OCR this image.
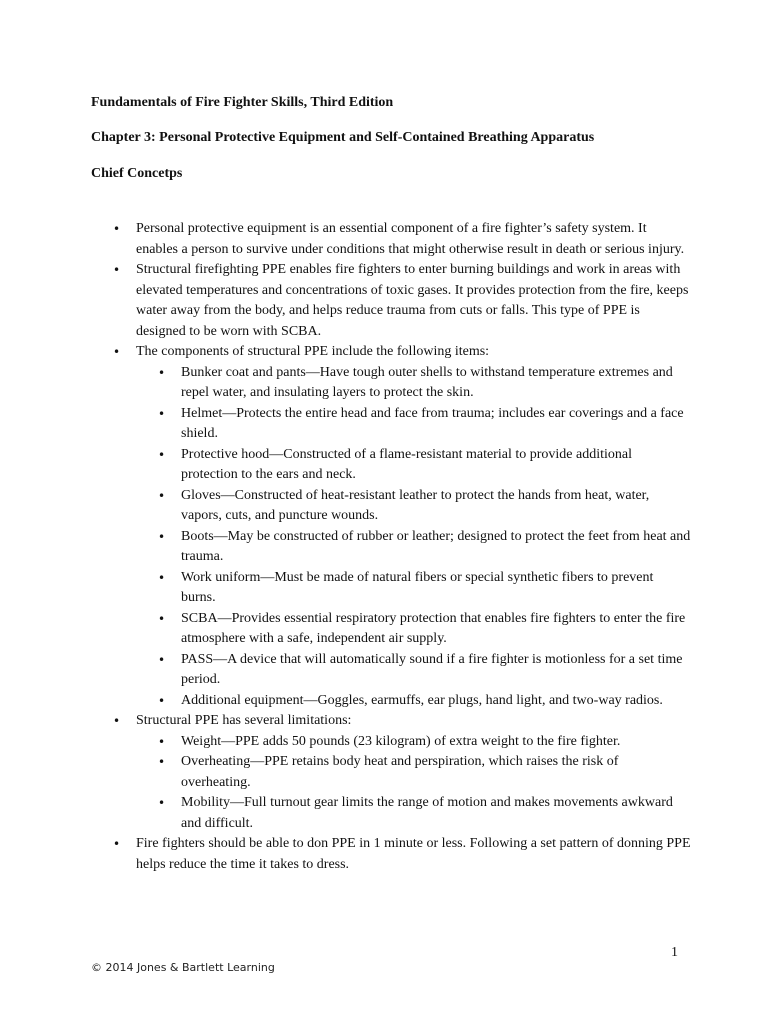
Fundamentals of Fire Fighter Skills, Third Edition
Chapter 3: Personal Protective Equipment and Self-Contained Breathing Apparatus
Chief Concetps
• Personal protective equipment is an essential component of a fire fighter’s safety system. It enables a person to survive under conditions that might otherwise result in death or serious injury.
• Structural firefighting PPE enables fire fighters to enter burning buildings and work in areas with elevated temperatures and concentrations of toxic gases. It provides protection from the fire, keeps water away from the body, and helps reduce trauma from cuts or falls. This type of PPE is designed to be worn with SCBA.
• The components of structural PPE include the following items:
• Bunker coat and pants—Have tough outer shells to withstand temperature extremes and repel water, and insulating layers to protect the skin.
• Helmet—Protects the entire head and face from trauma; includes ear coverings and a face shield.
• Protective hood—Constructed of a flame-resistant material to provide additional protection to the ears and neck.
• Gloves—Constructed of heat-resistant leather to protect the hands from heat, water, vapors, cuts, and puncture wounds.
• Boots—May be constructed of rubber or leather; designed to protect the feet from heat and trauma.
• Work uniform—Must be made of natural fibers or special synthetic fibers to prevent burns.
• SCBA—Provides essential respiratory protection that enables fire fighters to enter the fire atmosphere with a safe, independent air supply.
• PASS—A device that will automatically sound if a fire fighter is motionless for a set time period.
• Additional equipment—Goggles, earmuffs, ear plugs, hand light, and two-way radios.
• Structural PPE has several limitations:
• Weight—PPE adds 50 pounds (23 kilogram) of extra weight to the fire fighter.
• Overheating—PPE retains body heat and perspiration, which raises the risk of overheating.
• Mobility—Full turnout gear limits the range of motion and makes movements awkward and difficult.
• Fire fighters should be able to don PPE in 1 minute or less. Following a set pattern of donning PPE helps reduce the time it takes to dress.
1
© 2014 Jones & Bartlett Learning
